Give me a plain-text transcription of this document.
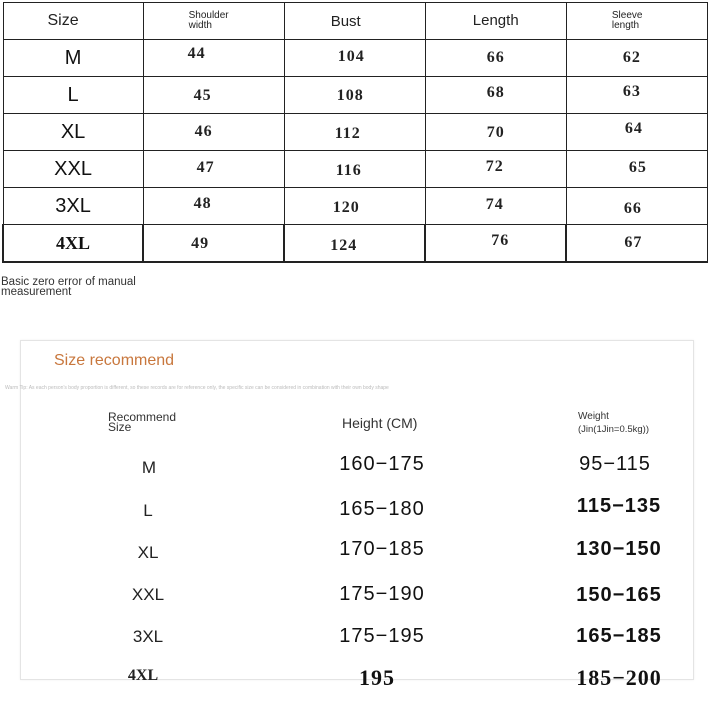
Size	Shoulder width	Bust	Length	Sleeve length

M	44	104	66	62

L	45	108	68	63

XL	46	112	70	64

XXL	47	116	72	65

3XL	48	120	74	66

4XL	49	124	76	67
Basic zero error of manual measurement
Size recommend
Warm Tip: As each person's body proportion is different, so these records are for reference only, the specific size can be considered in combination with their own body shape
Recommend Size	Height (CM)	Weight
(Jin(1Jin=0.5kg))
M	160−175	95−115
L	165−180	115−135
XL	170−185	130−150
XXL	175−190	150−165
3XL	175−195	165−185
4XL	195	185−200
